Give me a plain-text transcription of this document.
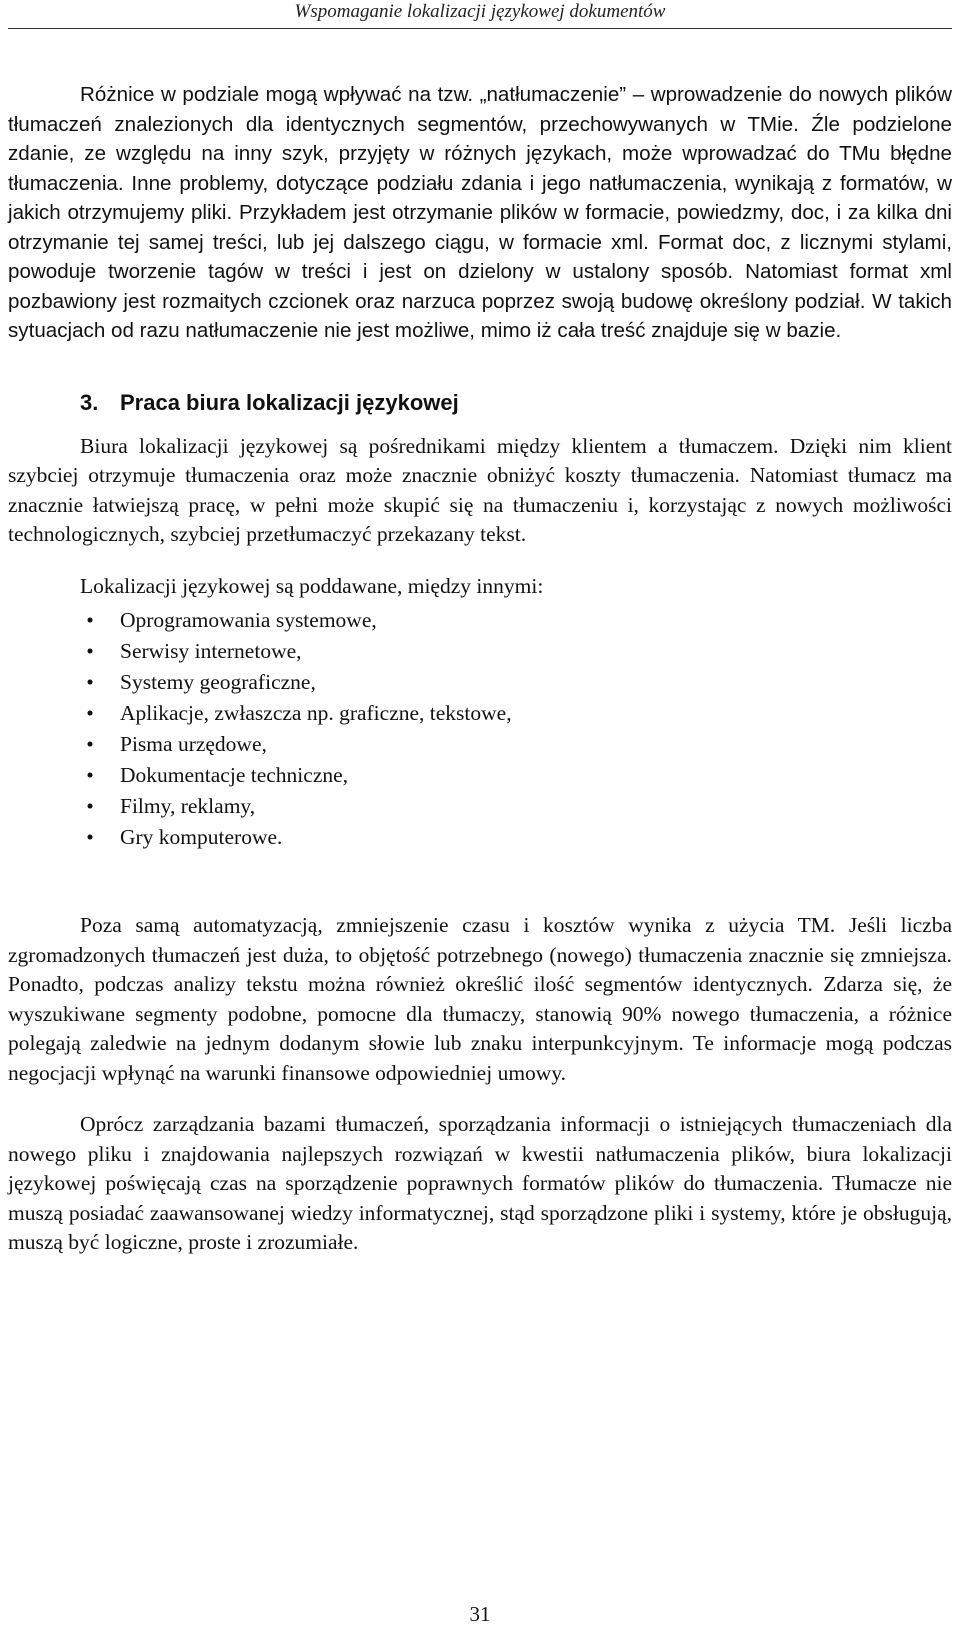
Wspomaganie lokalizacji językowej dokumentów

Różnice w podziale mogą wpływać na tzw. „natłumaczenie” – wprowadzenie do nowych plików tłumaczeń znalezionych dla identycznych segmentów, przechowywanych w TMie. Źle podzielone zdanie, ze względu na inny szyk, przyjęty w różnych językach, może wprowadzać do TMu błędne tłumaczenia. Inne problemy, dotyczące podziału zdania i jego natłumaczenia, wynikają z formatów, w jakich otrzymujemy pliki. Przykładem jest otrzymanie plików w formacie, powiedzmy, doc, i za kilka dni otrzymanie tej samej treści, lub jej dalszego ciągu, w formacie xml. Format doc, z licznymi stylami, powoduje tworzenie tagów w treści i jest on dzielony w ustalony sposób. Natomiast format xml pozbawiony jest rozmaitych czcionek oraz narzuca poprzez swoją budowę określony podział. W takich sytuacjach od razu natłumaczenie nie jest możliwe, mimo iż cała treść znajduje się w bazie.

3. Praca biura lokalizacji językowej

Biura lokalizacji językowej są pośrednikami między klientem a tłumaczem. Dzięki nim klient szybciej otrzymuje tłumaczenia oraz może znacznie obniżyć koszty tłumaczenia. Natomiast tłumacz ma znacznie łatwiejszą pracę, w pełni może skupić się na tłumaczeniu i, korzystając z nowych możliwości technologicznych, szybciej przetłumaczyć przekazany tekst.

Lokalizacji językowej są poddawane, między innymi:

• Oprogramowania systemowe,
• Serwisy internetowe,
• Systemy geograficzne,
• Aplikacje, zwłaszcza np. graficzne, tekstowe,
• Pisma urzędowe,
• Dokumentacje techniczne,
• Filmy, reklamy,
• Gry komputerowe.

Poza samą automatyzacją, zmniejszenie czasu i kosztów wynika z użycia TM. Jeśli liczba zgromadzonych tłumaczeń jest duża, to objętość potrzebnego (nowego) tłumaczenia znacznie się zmniejsza. Ponadto, podczas analizy tekstu można również określić ilość segmentów identycznych. Zdarza się, że wyszukiwane segmenty podobne, pomocne dla tłumaczy, stanowią 90% nowego tłumaczenia, a różnice polegają zaledwie na jednym dodanym słowie lub znaku interpunkcyjnym. Te informacje mogą podczas negocjacji wpłynąć na warunki finansowe odpowiedniej umowy.

Oprócz zarządzania bazami tłumaczeń, sporządzania informacji o istniejących tłumaczeniach dla nowego pliku i znajdowania najlepszych rozwiązań w kwestii natłumaczenia plików, biura lokalizacji językowej poświęcają czas na sporządzenie poprawnych formatów plików do tłumaczenia. Tłumacze nie muszą posiadać zaawansowanej wiedzy informatycznej, stąd sporządzone pliki i systemy, które je obsługują, muszą być logiczne, proste i zrozumiałe.

31
